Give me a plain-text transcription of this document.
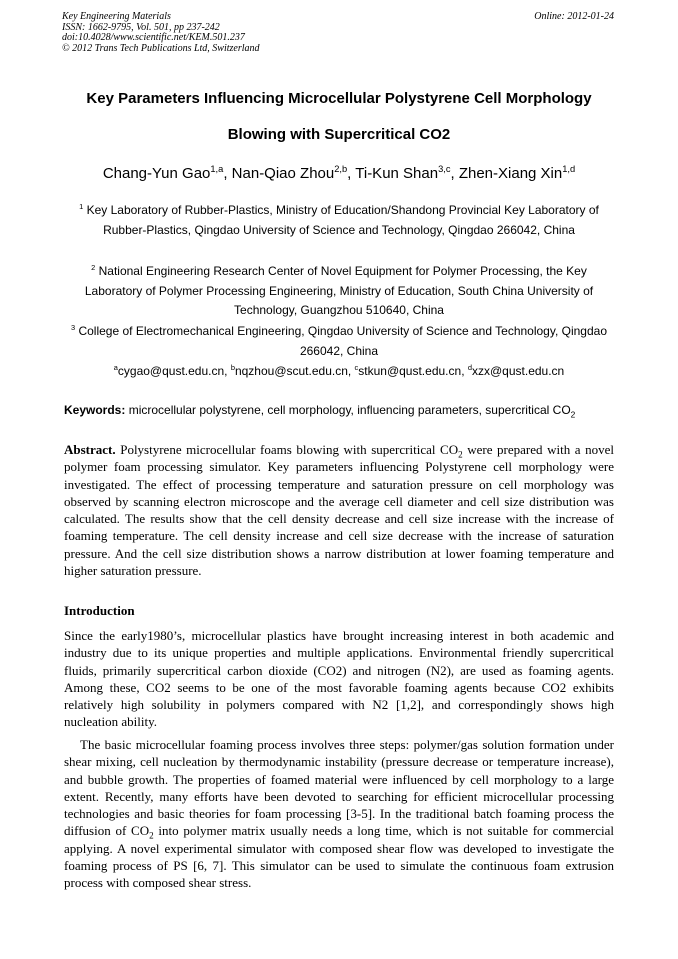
Key Engineering Materials
ISSN: 1662-9795, Vol. 501, pp 237-242
doi:10.4028/www.scientific.net/KEM.501.237
© 2012 Trans Tech Publications Ltd, Switzerland
Online: 2012-01-24
Key Parameters Influencing Microcellular Polystyrene Cell Morphology
Blowing with Supercritical CO2
Chang-Yun Gao$^{1,a}$, Nan-Qiao Zhou$^{2,b}$, Ti-Kun Shan$^{3,c}$, Zhen-Xiang Xin$^{1,d}$
$^1$ Key Laboratory of Rubber-Plastics, Ministry of Education/Shandong Provincial Key Laboratory of Rubber-Plastics, Qingdao University of Science and Technology, Qingdao 266042, China
$^2$ National Engineering Research Center of Novel Equipment for Polymer Processing, the Key Laboratory of Polymer Processing Engineering, Ministry of Education, South China University of Technology, Guangzhou 510640, China
$^3$ College of Electromechanical Engineering, Qingdao University of Science and Technology, Qingdao 266042, China
$^a$cygao@qust.edu.cn, $^b$nqzhou@scut.edu.cn, $^c$stkun@qust.edu.cn, $^d$xzx@qust.edu.cn
Keywords: microcellular polystyrene, cell morphology, influencing parameters, supercritical $CO_2$
Abstract. Polystyrene microcellular foams blowing with supercritical $CO_2$ were prepared with a novel polymer foam processing simulator. Key parameters influencing Polystyrene cell morphology were investigated. The effect of processing temperature and saturation pressure on cell morphology was observed by scanning electron microscope and the average cell diameter and cell size distribution was calculated. The results show that the cell density decrease and cell size increase with the increase of foaming temperature. The cell density increase and cell size decrease with the increase of saturation pressure. And the cell size distribution shows a narrow distribution at lower foaming temperature and higher saturation pressure.
Introduction
Since the early1980’s, microcellular plastics have brought increasing interest in both academic and industry due to its unique properties and multiple applications. Environmental friendly supercritical fluids, primarily supercritical carbon dioxide (CO2) and nitrogen (N2), are used as foaming agents. Among these, CO2 seems to be one of the most favorable foaming agents because CO2 exhibits relatively high solubility in polymers compared with N2 [1,2], and correspondingly shows high nucleation ability.
The basic microcellular foaming process involves three steps: polymer/gas solution formation under shear mixing, cell nucleation by thermodynamic instability (pressure decrease or temperature increase), and bubble growth. The properties of foamed material were influenced by cell morphology to a large extent. Recently, many efforts have been devoted to searching for efficient microcellular processing technologies and basic theories for foam processing [3-5]. In the traditional batch foaming process the diffusion of $CO_2$ into polymer matrix usually needs a long time, which is not suitable for commercial applying. A novel experimental simulator with composed shear flow was developed to investigate the foaming process of PS [6, 7]. This simulator can be used to simulate the continuous foam extrusion process with composed shear stress.
